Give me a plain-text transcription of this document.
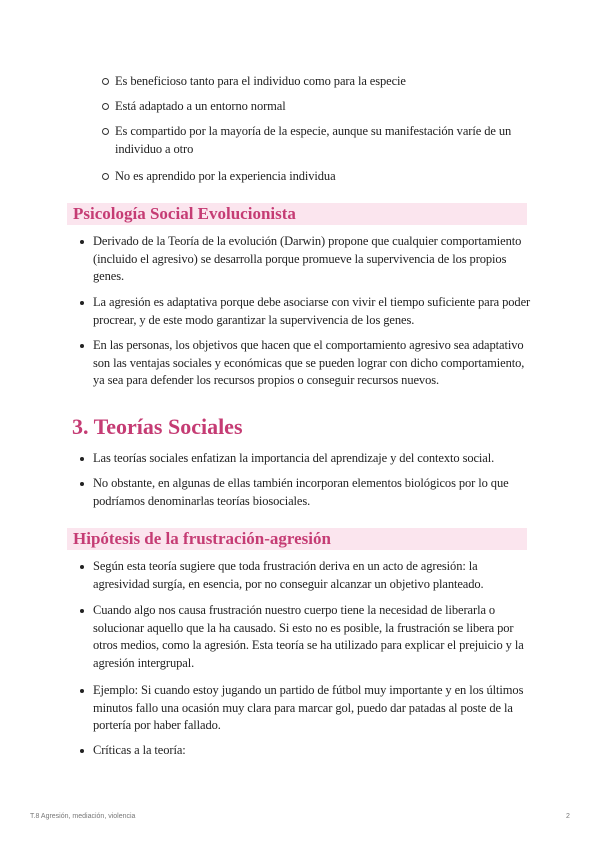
Es beneficioso tanto para el individuo como para la especie
Está adaptado a un entorno normal
Es compartido por la mayoría de la especie, aunque su manifestación varíe de un individuo a otro
No es aprendido por la experiencia individua
Psicología Social Evolucionista
Derivado de la Teoría de la evolución (Darwin) propone que cualquier comportamiento (incluido el agresivo) se desarrolla porque promueve la supervivencia de los propios genes.
La agresión es adaptativa porque debe asociarse con vivir el tiempo suficiente para poder procrear, y de este modo garantizar la supervivencia de los genes.
En las personas, los objetivos que hacen que el comportamiento agresivo sea adaptativo son las ventajas sociales y económicas que se pueden lograr con dicho comportamiento, ya sea para defender los recursos propios o conseguir recursos nuevos.
3. Teorías Sociales
Las teorías sociales enfatizan la importancia del aprendizaje y del contexto social.
No obstante, en algunas de ellas también incorporan elementos biológicos por lo que podríamos denominarlas teorías biosociales.
Hipótesis de la frustración-agresión
Según esta teoría sugiere que toda frustración deriva en un acto de agresión: la agresividad surgía, en esencia, por no conseguir alcanzar un objetivo planteado.
Cuando algo nos causa frustración nuestro cuerpo tiene la necesidad de liberarla o solucionar aquello que la ha causado. Si esto no es posible, la frustración se libera por otros medios, como la agresión. Esta teoría se ha utilizado para explicar el prejuicio y la agresión intergrupal.
Ejemplo: Si cuando estoy jugando un partido de fútbol muy importante y en los últimos minutos fallo una ocasión muy clara para marcar gol, puedo dar patadas al poste de la portería por haber fallado.
Críticas a la teoría:
T.8 Agresión, mediación, violencia	2
